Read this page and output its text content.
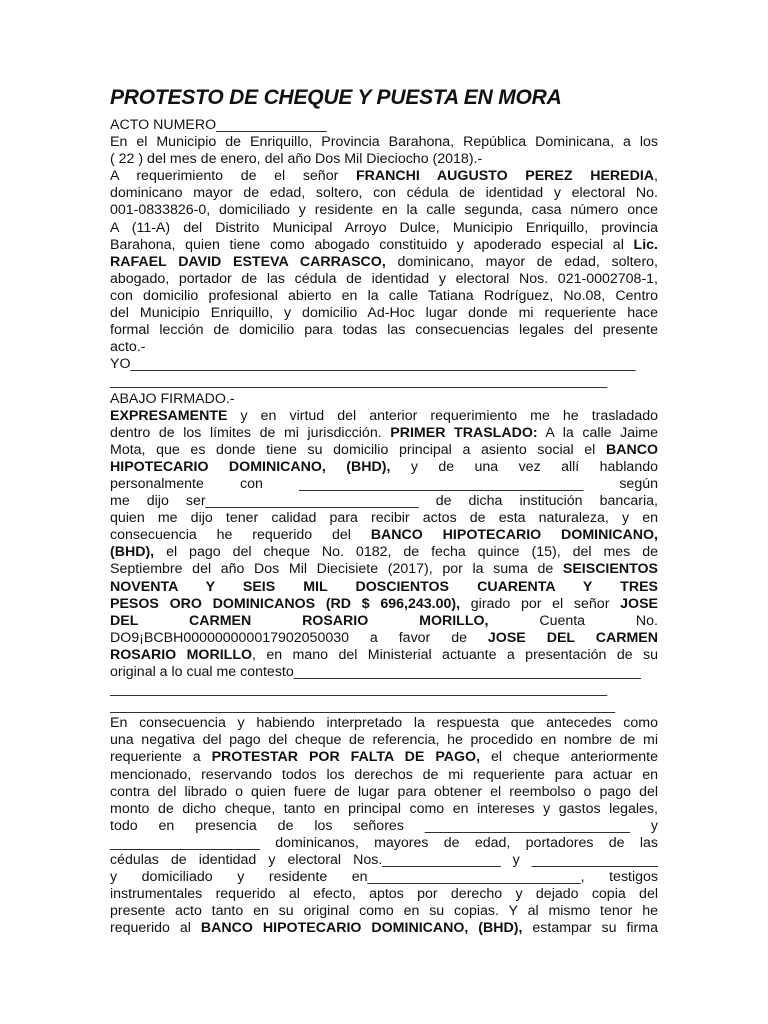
PROTESTO DE CHEQUE Y PUESTA EN MORA
ACTO NUMERO______________
En el Municipio de Enriquillo, Provincia Barahona, República Dominicana, a los
( 22 ) del mes de enero, del año Dos Mil Dieciocho (2018).-
A requerimiento de el señor FRANCHI AUGUSTO PEREZ HEREDIA,
dominicano mayor de edad, soltero, con cédula de identidad y electoral No.
001-0833826-0, domiciliado y residente en la calle segunda, casa número once
A (11-A) del Distrito Municipal Arroyo Dulce, Municipio Enriquillo, provincia
Barahona, quien tiene como abogado constituido y apoderado especial al Lic.
RAFAEL DAVID ESTEVA CARRASCO, dominicano, mayor de edad, soltero,
abogado, portador de las cédula de identidad y electoral Nos. 021-0002708-1,
con domicilio profesional abierto en la calle Tatiana Rodríguez, No.08, Centro
del Municipio Enriquillo, y domicilio Ad-Hoc lugar donde mi requeriente hace
formal lección de domicilio para todas las consecuencias legales del presente
acto.-
YO________________________________________________________________
_______________________________________________________________
ABAJO FIRMADO.-
EXPRESAMENTE y en virtud del anterior requerimiento me he trasladado
dentro de los límites de mi jurisdicción. PRIMER TRASLADO: A la calle Jaime
Mota, que es donde tiene su domicilio principal a asiento social el BANCO
HIPOTECARIO DOMINICANO, (BHD), y de una vez allí hablando
personalmente con ____________________________________ según
me dijo ser___________________________ de dicha institución bancaria,
quien me dijo tener calidad para recibir actos de esta naturaleza, y en
consecuencia he requerido del BANCO HIPOTECARIO DOMINICANO,
(BHD), el pago del cheque No. 0182, de fecha quince (15), del mes de
Septiembre del año Dos Mil Diecisiete (2017), por la suma de SEISCIENTOS
NOVENTA Y SEIS MIL DOSCIENTOS CUARENTA Y TRES
PESOS ORO DOMINICANOS (RD $ 696,243.00), girado por el señor JOSE
DEL CARMEN ROSARIO MORILLO, Cuenta No.
DO9¡BCBH000000000017902050030 a favor de JOSE DEL CARMEN
ROSARIO MORILLO, en mano del Ministerial actuante a presentación de su
original a lo cual me contesto____________________________________________
_______________________________________________________________
________________________________________________________________
En consecuencia y habiendo interpretado la respuesta que antecedes como
una negativa del pago del cheque de referencia, he procedido en nombre de mi
requeriente a PROTESTAR POR FALTA DE PAGO, el cheque anteriormente
mencionado, reservando todos los derechos de mi requeriente para actuar en
contra del librado o quien fuere de lugar para obtener el reembolso o pago del
monto de dicho cheque, tanto en principal como en intereses y gastos legales,
todo en presencia de los señores __________________________ y
___________________ dominicanos, mayores de edad, portadores de las
cédulas de identidad y electoral Nos._______________ y ________________
y domiciliado y residente en___________________________, testigos
instrumentales requerido al efecto, aptos por derecho y dejado copia del
presente acto tanto en su original como en su copias. Y al mismo tenor he
requerido al BANCO HIPOTECARIO DOMINICANO, (BHD), estampar su firma
